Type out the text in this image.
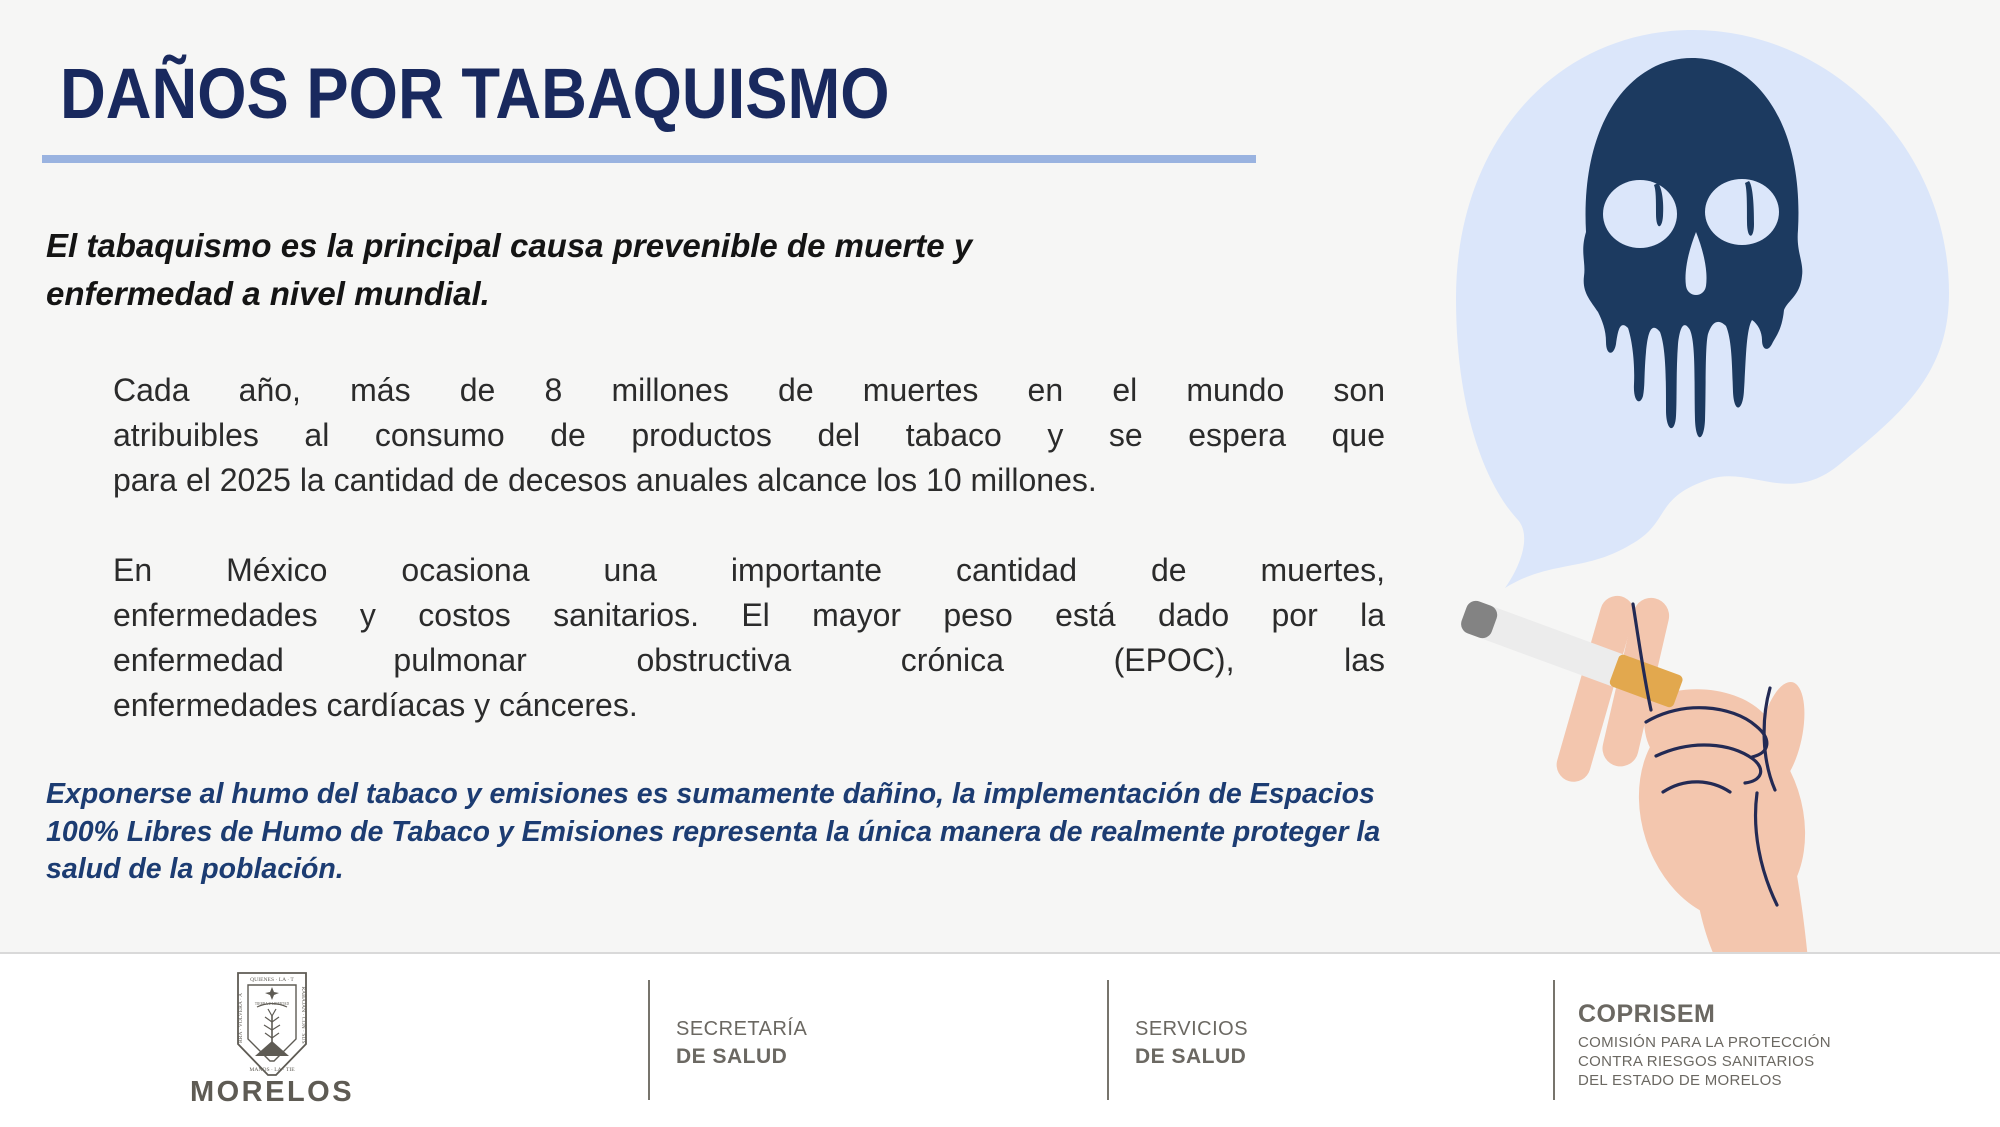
DAÑOS POR TABAQUISMO
El tabaquismo es la principal causa prevenible de muerte y
enfermedad a nivel mundial.
Cada año, más de 8 millones de muertes en el mundo son
atribuibles al consumo de productos del tabaco y se espera que
para el 2025 la cantidad de decesos anuales alcance los 10 millones.
En México ocasiona una importante cantidad de muertes,
enfermedades y costos sanitarios. El mayor peso está dado por la
enfermedad pulmonar obstructiva crónica (EPOC), las
enfermedades cardíacas y cánceres.
Exponerse al humo del tabaco y emisiones es sumamente dañino, la implementación de Espacios
100% Libres de Humo de Tabaco y Emisiones representa la única manera de realmente proteger la
salud de la población.
QUIENES · LA · T
TIERRA Y LIBERTAD
MANOS · LA · TIE
RABAJAN · CON · SUS
RRA · VOLVERA · A
MORELOS
SECRETARÍA
DE SALUD
SERVICIOS
DE SALUD
COPRISEM
COMISIÓN PARA LA PROTECCIÓN
CONTRA RIESGOS SANITARIOS
DEL ESTADO DE MORELOS
